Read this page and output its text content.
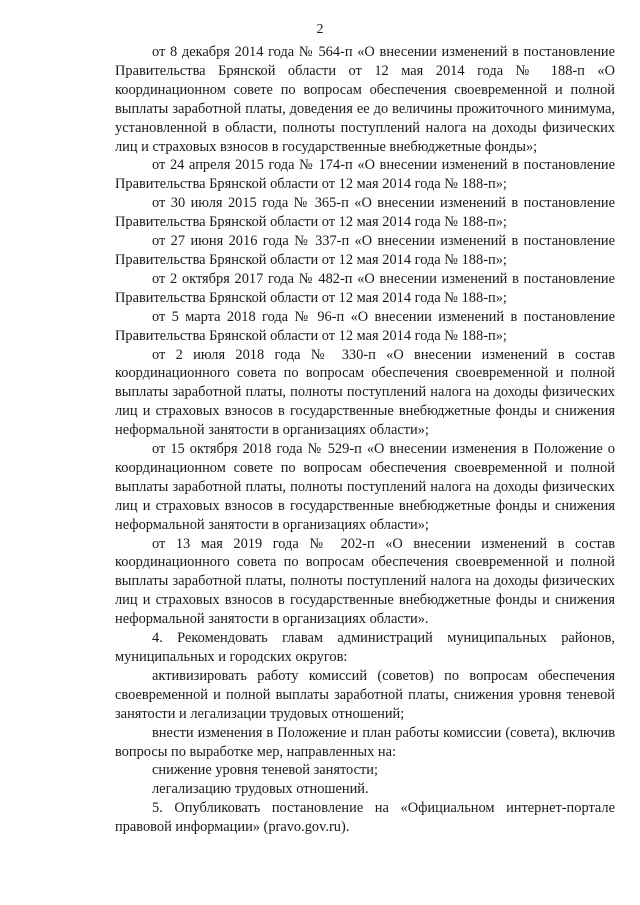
2

от 8 декабря 2014 года № 564-п «О внесении изменений в постановление Правительства Брянской области от 12 мая 2014 года № 188-п «О координационном совете по вопросам обеспечения своевременной и полной выплаты заработной платы, доведения ее до величины прожиточного минимума, установленной в области, полноты поступлений налога на доходы физических лиц и страховых взносов в государственные внебюджетные фонды»;

от 24 апреля 2015 года № 174-п «О внесении изменений в постановление Правительства Брянской области от 12 мая 2014 года № 188-п»;

от 30 июля 2015 года № 365-п «О внесении изменений в постановление Правительства Брянской области от 12 мая 2014 года № 188-п»;

от 27 июня 2016 года № 337-п «О внесении изменений в постановление Правительства Брянской области от 12 мая 2014 года № 188-п»;

от 2 октября 2017 года № 482-п «О внесении изменений в постановление Правительства Брянской области от 12 мая 2014 года № 188-п»;

от 5 марта 2018 года № 96-п «О внесении изменений в постановление Правительства Брянской области от 12 мая 2014 года № 188-п»;

от 2 июля 2018 года № 330-п «О внесении изменений в состав координационного совета по вопросам обеспечения своевременной и полной выплаты заработной платы, полноты поступлений налога на доходы физических лиц и страховых взносов в государственные внебюджетные фонды и снижения неформальной занятости в организациях области»;

от 15 октября 2018 года № 529-п «О внесении изменения в Положение о координационном совете по вопросам обеспечения своевременной и полной выплаты заработной платы, полноты поступлений налога на доходы физических лиц и страховых взносов в государственные внебюджетные фонды и снижения неформальной занятости в организациях области»;

от 13 мая 2019 года № 202-п «О внесении изменений в состав координационного совета по вопросам обеспечения своевременной и полной выплаты заработной платы, полноты поступлений налога на доходы физических лиц и страховых взносов в государственные внебюджетные фонды и снижения неформальной занятости в организациях области».

4. Рекомендовать главам администраций муниципальных районов, муниципальных и городских округов:

активизировать работу комиссий (советов) по вопросам обеспечения своевременной и полной выплаты заработной платы, снижения уровня теневой занятости и легализации трудовых отношений;

внести изменения в Положение и план работы комиссии (совета), включив вопросы по выработке мер, направленных на:

снижение уровня теневой занятости;

легализацию трудовых отношений.

5. Опубликовать постановление на «Официальном интернет-портале правовой информации» (pravo.gov.ru).
